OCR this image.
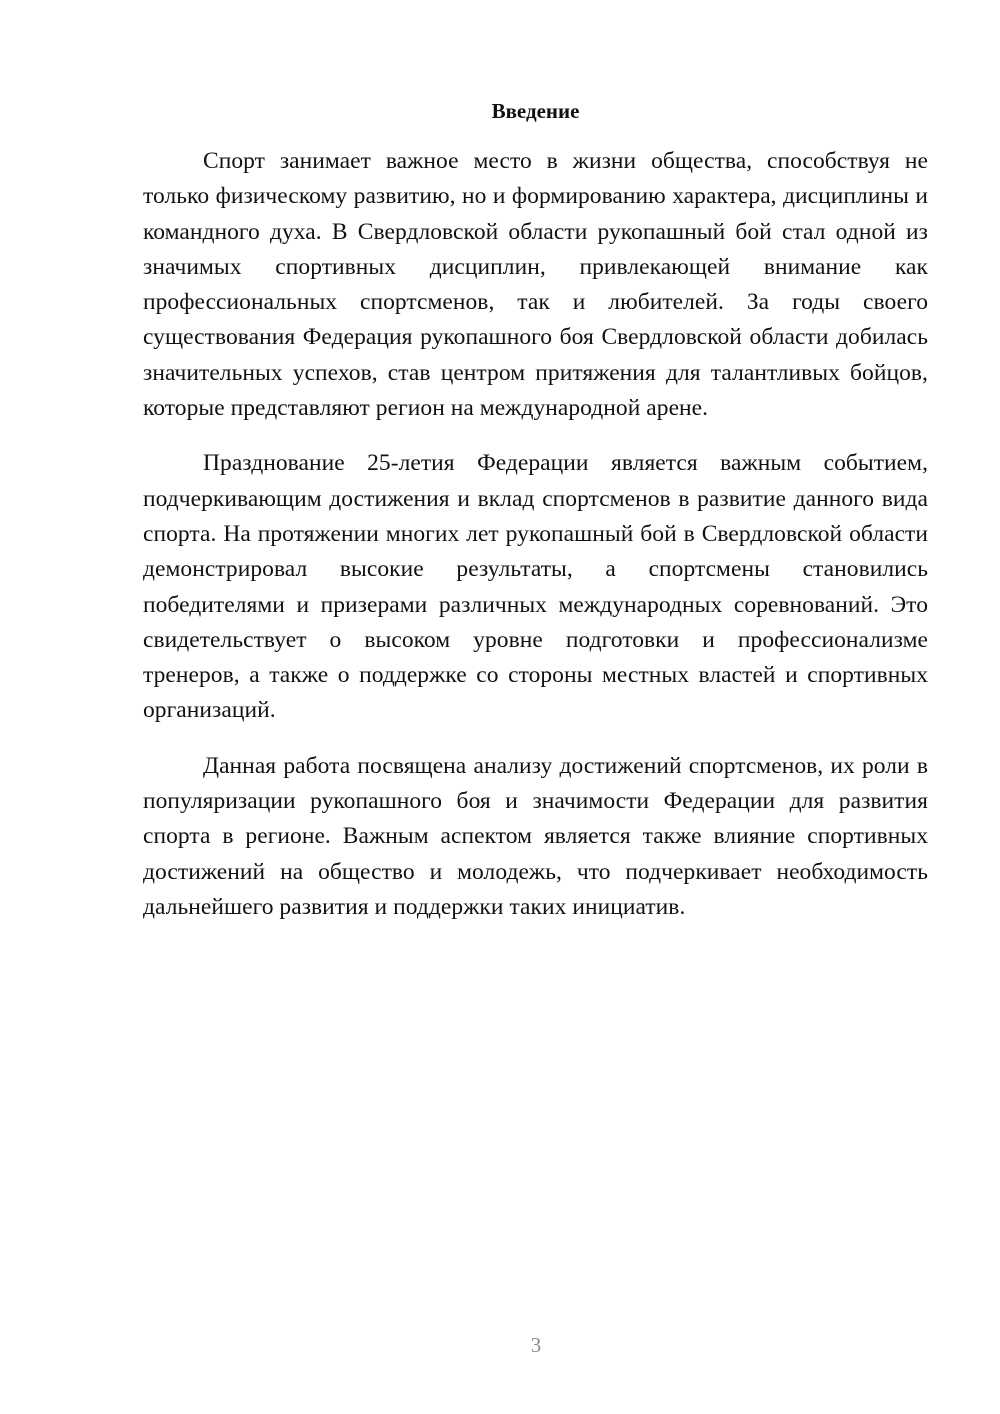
Введение

Спорт занимает важное место в жизни общества, способствуя не только физическому развитию, но и формированию характера, дисциплины и командного духа. В Свердловской области рукопашный бой стал одной из значимых спортивных дисциплин, привлекающей внимание как профессиональных спортсменов, так и любителей. За годы своего существования Федерация рукопашного боя Свердловской области добилась значительных успехов, став центром притяжения для талантливых бойцов, которые представляют регион на международной арене.

Празднование 25-летия Федерации является важным событием, подчеркивающим достижения и вклад спортсменов в развитие данного вида спорта. На протяжении многих лет рукопашный бой в Свердловской области демонстрировал высокие результаты, а спортсмены становились победителями и призерами различных международных соревнований. Это свидетельствует о высоком уровне подготовки и профессионализме тренеров, а также о поддержке со стороны местных властей и спортивных организаций.

Данная работа посвящена анализу достижений спортсменов, их роли в популяризации рукопашного боя и значимости Федерации для развития спорта в регионе. Важным аспектом является также влияние спортивных достижений на общество и молодежь, что подчеркивает необходимость дальнейшего развития и поддержки таких инициатив.

3
